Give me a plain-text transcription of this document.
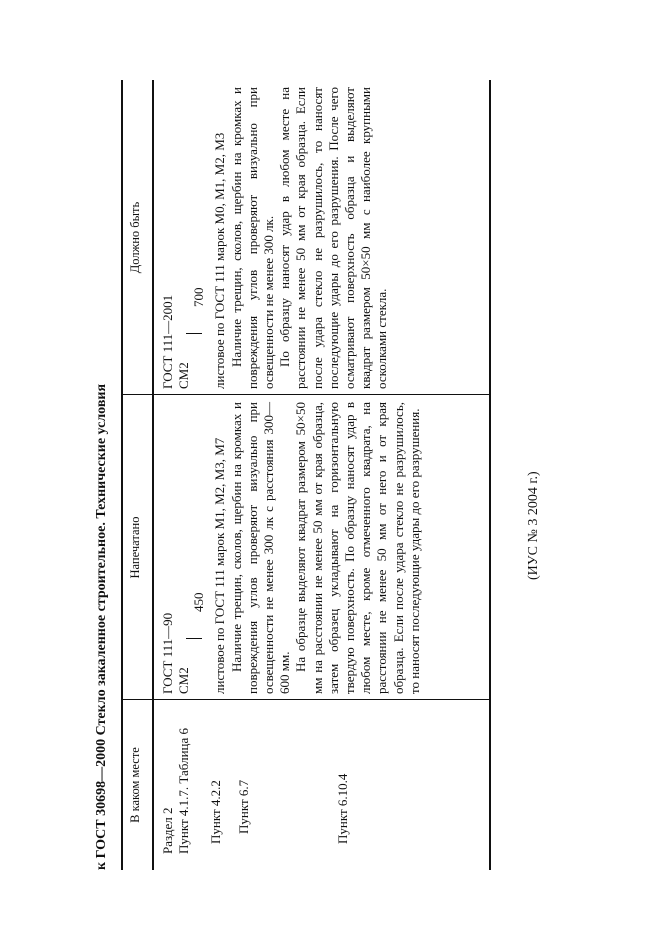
к ГОСТ 30698—2000 Стекло закаленное строительное. Технические условия В каком месте
Напечатано
Должно быть

Раздел 2 Пункт 4.1.7. Таблица 6 Пункт 4.2.2 Пункт 6.7	Пункт 6.10.4

ГОСТ 111—90 СМ2
450 листовое по ГОСТ 111 марок М1, М2, М3, М7 Наличие трещин, сколов, щербин на кромках и повреждения углов проверяют визуально при освещенности не менее 300 лк с расстояния 300—600 мм.

На образце выделяют квадрат размером 50×50 мм на расстоянии не менее 50 мм от края образца, затем образец укладывают на горизонтальную твердую поверхность. По образцу наносят удар в любом месте, кроме отмеченного квадрата, на расстоянии не менее 50 мм от него и от края образца. Если после удара стекло не разрушилось, то наносят последующие удары до его разрушения.

ГОСТ 111—2001 СМ2
700 листовое по ГОСТ 111 марок М0, М1, М2, М3 Наличие трещин, сколов, щербин на кромках и повреждения углов проверяют визуально при освещенности не менее 300 лк. По образцу наносят удар в любом месте на расстоянии не менее 50 мм от края образца. Если после удара стекло не разрушилось, то наносят последующие удары до его разрушения. После чего осматривают поверхность образца и выделяют квадрат размером 50×50 мм с наиболее крупными осколками стекла.

(ИУС № 3 2004 г.)
